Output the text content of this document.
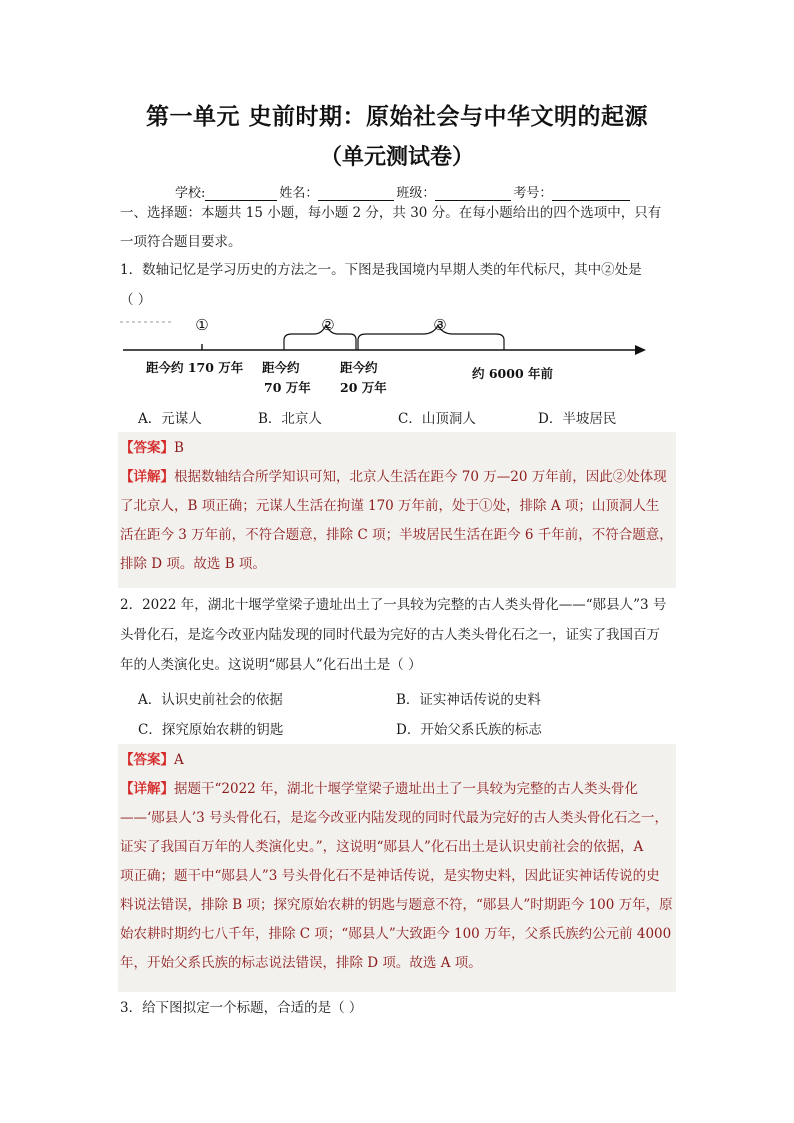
第一单元 史前时期：原始社会与中华文明的起源
（单元测试卷）
学校:	姓名：	班级：	考号：
一、选择题：本题共 15 小题，每小题 2 分，共 30 分。在每小题给出的四个选项中，只有
一项符合题目要求。
1．数轴记忆是学习历史的方法之一。下图是我国境内早期人类的年代标尺，其中②处是
（ ）
①	②	③
距今约 170 万年 距今约
70 万年
距今约
20 万年
约 6000 年前
A．元谋人	B．北京人	C．山顶洞人	D．半坡居民
【答案】B
【详解】根据数轴结合所学知识可知，北京人生活在距今 70 万—20 万年前，因此②处体现
了北京人，B 项正确；元谋人生活在拘谨 170 万年前，处于①处，排除 A 项；山顶洞人生
活在距今 3 万年前，不符合题意，排除 C 项；半坡居民生活在距今 6 千年前，不符合题意，
排除 D 项。故选 B 项。
2．2022 年，湖北十堰学堂梁子遗址出土了一具较为完整的古人类头骨化——“郧县人”3 号
头骨化石，是迄今改亚内陆发现的同时代最为完好的古人类头骨化石之一，证实了我国百万
年的人类演化史。这说明“郧县人”化石出土是（ ）
A．认识史前社会的依据	B．证实神话传说的史料
C．探究原始农耕的钥匙	D．开始父系氏族的标志
【答案】A
【详解】据题干“2022 年，湖北十堰学堂梁子遗址出土了一具较为完整的古人类头骨化
——‘郧县人’3 号头骨化石，是迄今改亚内陆发现的同时代最为完好的古人类头骨化石之一，
证实了我国百万年的人类演化史。”，这说明“郧县人”化石出土是认识史前社会的依据，A
项正确；题干中“郧县人”3 号头骨化石不是神话传说，是实物史料，因此证实神话传说的史
料说法错误，排除 B 项；探究原始农耕的钥匙与题意不符，“郧县人”时期距今 100 万年，原
始农耕时期约七八千年，排除 C 项；“郧县人”大致距今 100 万年，父系氏族约公元前 4000
年，开始父系氏族的标志说法错误，排除 D 项。故选 A 项。
3．给下图拟定一个标题，合适的是（ ）
